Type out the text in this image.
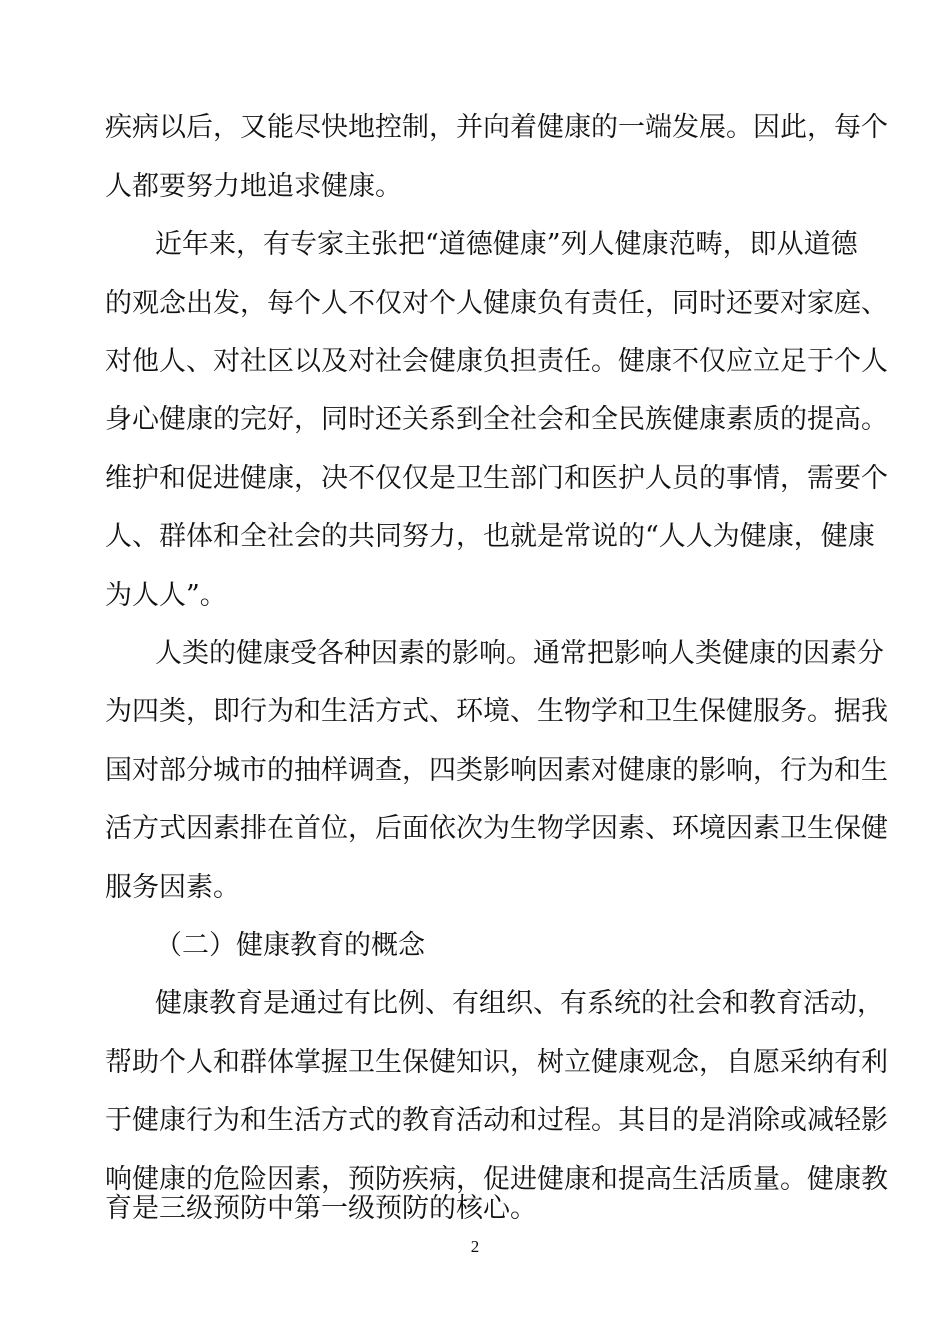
疾病以后，又能尽快地控制，并向着健康的一端发展。因此，每个
人都要努力地追求健康。
近年来，有专家主张把“道德健康”列人健康范畴，即从道德
的观念出发，每个人不仅对个人健康负有责任，同时还要对家庭、
对他人、对社区以及对社会健康负担责任。健康不仅应立足于个人
身心健康的完好，同时还关系到全社会和全民族健康素质的提高。
维护和促进健康，决不仅仅是卫生部门和医护人员的事情，需要个
人、群体和全社会的共同努力，也就是常说的“人人为健康，健康
为人人”。
人类的健康受各种因素的影响。通常把影响人类健康的因素分
为四类，即行为和生活方式、环境、生物学和卫生保健服务。据我
国对部分城市的抽样调查，四类影响因素对健康的影响，行为和生
活方式因素排在首位，后面依次为生物学因素、环境因素卫生保健
服务因素。
（二）健康教育的概念
健康教育是通过有比例、有组织、有系统的社会和教育活动，
帮助个人和群体掌握卫生保健知识，树立健康观念，自愿采纳有利
于健康行为和生活方式的教育活动和过程。其目的是消除或减轻影
响健康的危险因素，预防疾病，促进健康和提高生活质量。健康教
育是三级预防中第一级预防的核心。
2
